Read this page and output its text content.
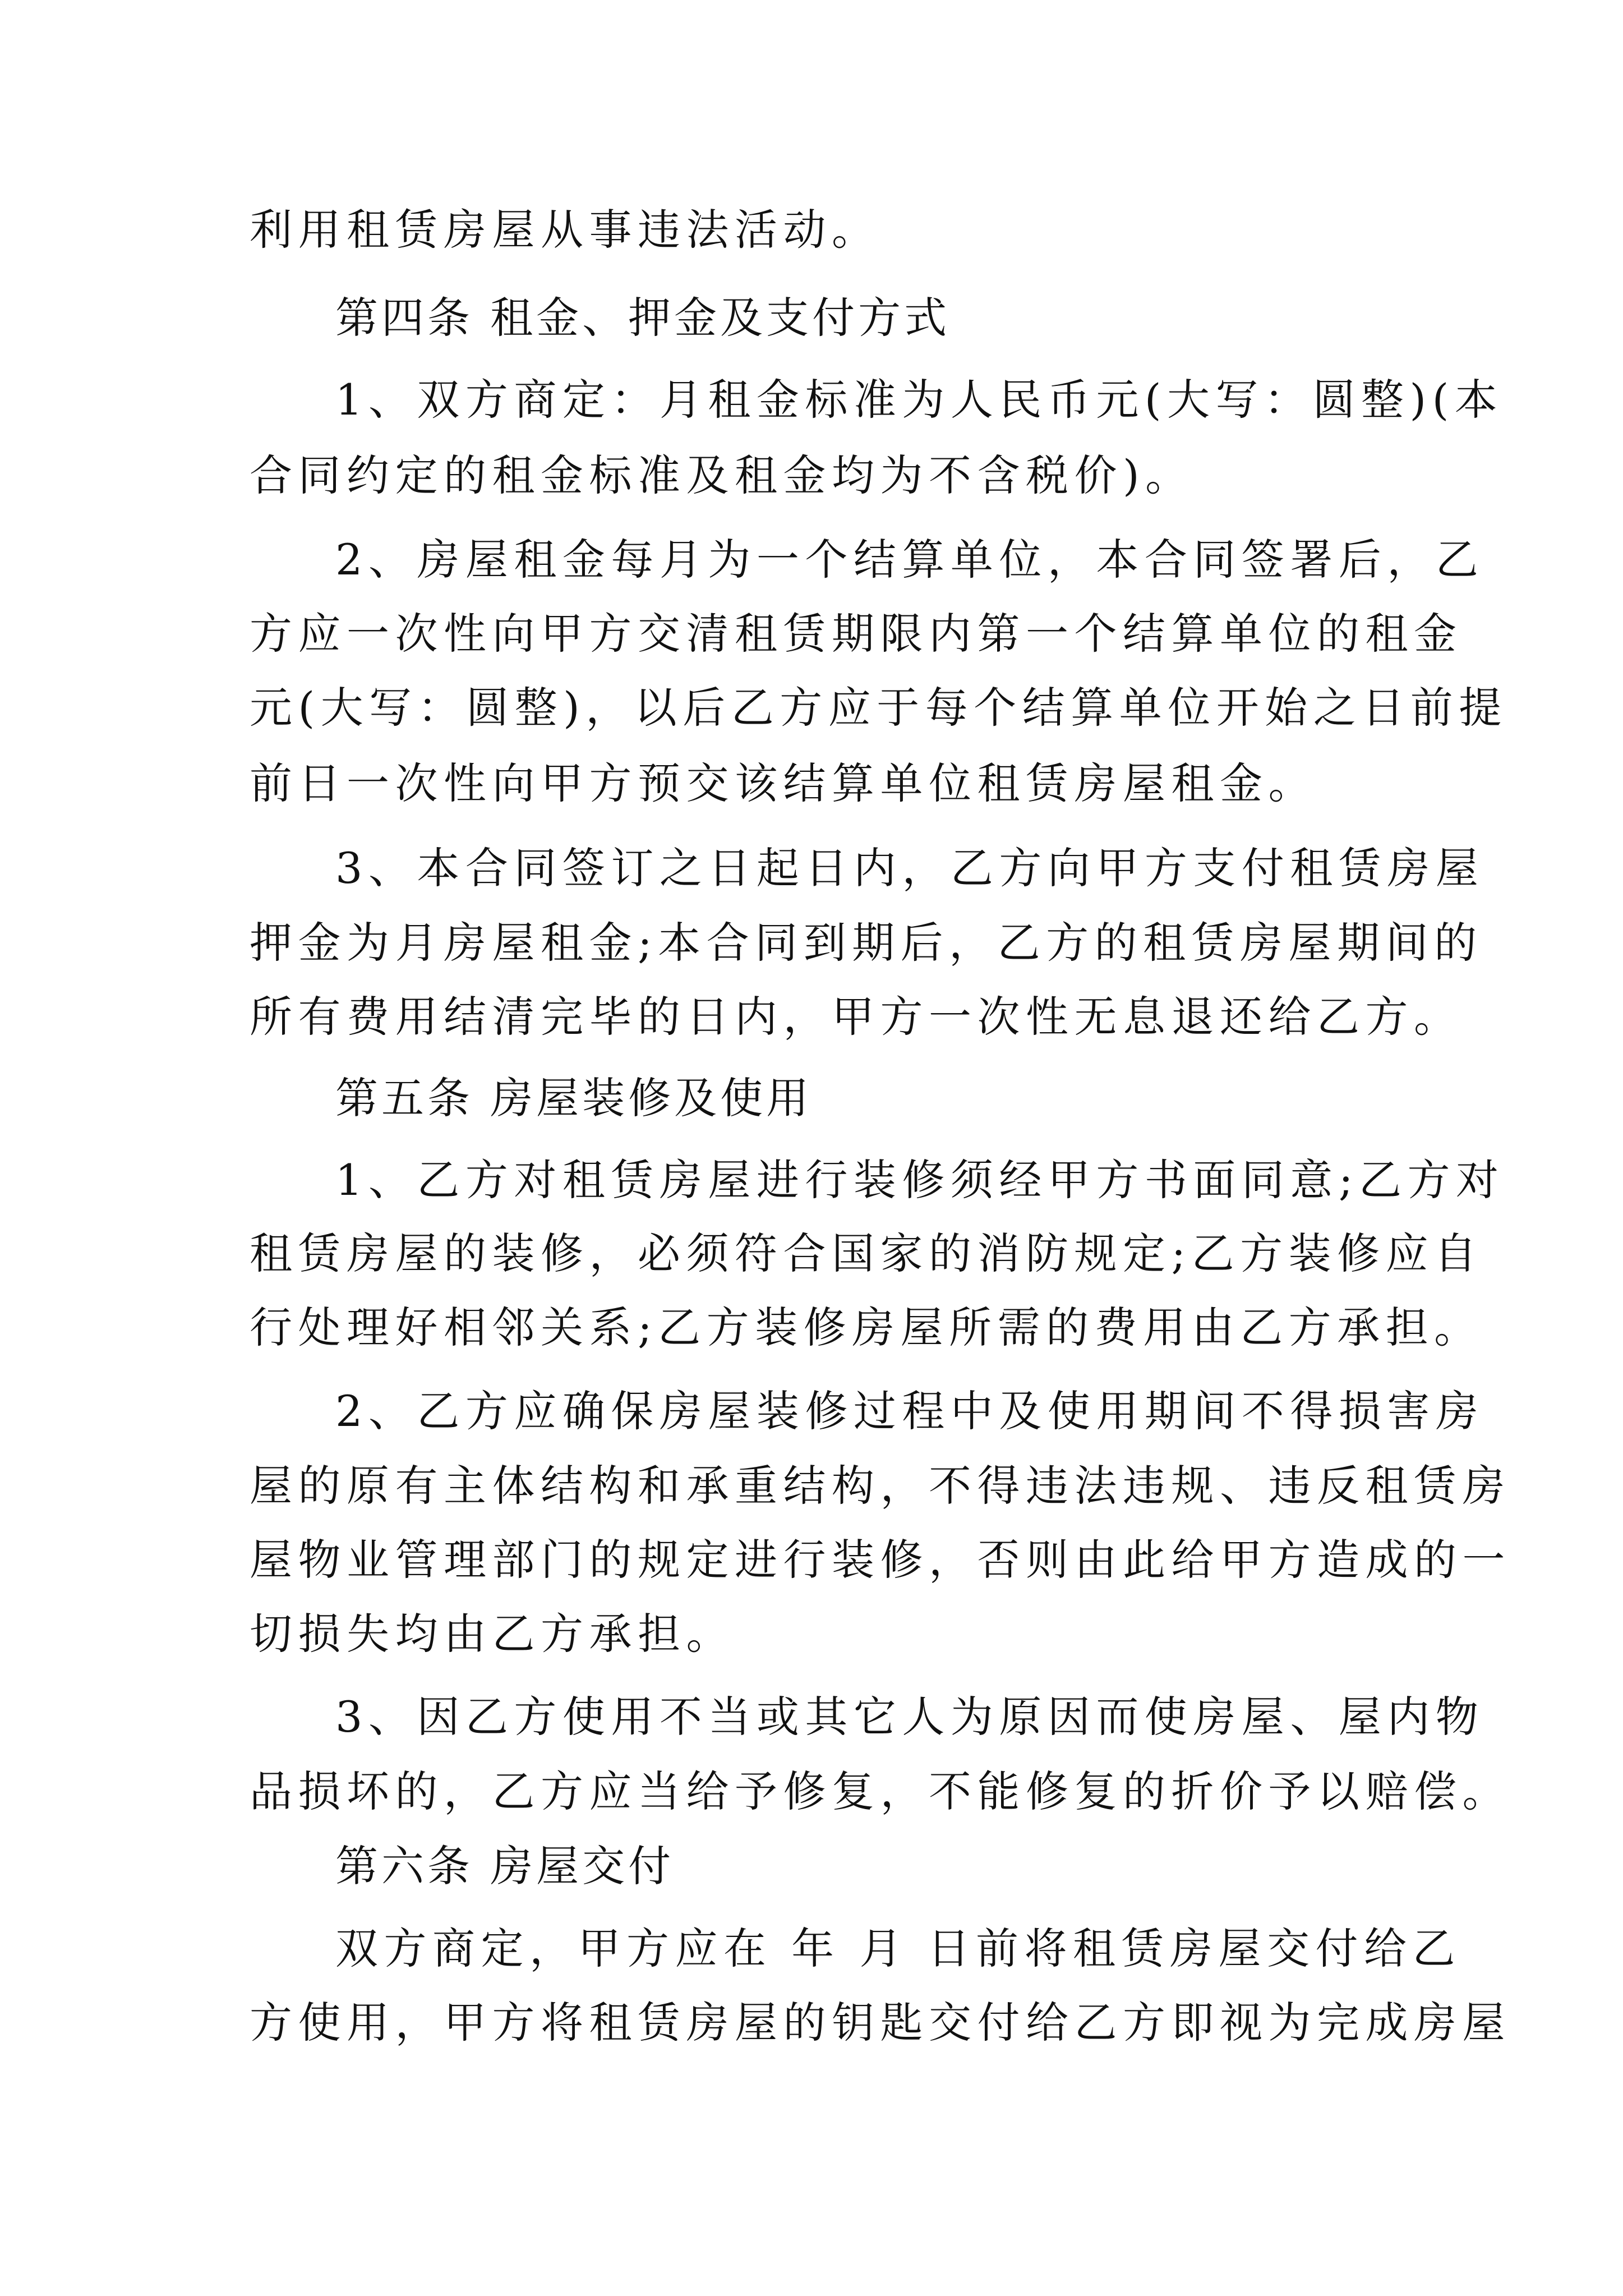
利用租赁房屋从事违法活动。

第四条 租金、押金及支付方式

1、双方商定：月租金标准为人民币元(大写：圆整)(本

合同约定的租金标准及租金均为不含税价)。

2、房屋租金每月为一个结算单位，本合同签署后，乙

方应一次性向甲方交清租赁期限内第一个结算单位的租金

元(大写：圆整)，以后乙方应于每个结算单位开始之日前提

前日一次性向甲方预交该结算单位租赁房屋租金。

3、本合同签订之日起日内，乙方向甲方支付租赁房屋

押金为月房屋租金;本合同到期后，乙方的租赁房屋期间的

所有费用结清完毕的日内，甲方一次性无息退还给乙方。

第五条 房屋装修及使用

1、乙方对租赁房屋进行装修须经甲方书面同意;乙方对

租赁房屋的装修，必须符合国家的消防规定;乙方装修应自

行处理好相邻关系;乙方装修房屋所需的费用由乙方承担。

2、乙方应确保房屋装修过程中及使用期间不得损害房

屋的原有主体结构和承重结构，不得违法违规、违反租赁房

屋物业管理部门的规定进行装修，否则由此给甲方造成的一

切损失均由乙方承担。

3、因乙方使用不当或其它人为原因而使房屋、屋内物

品损坏的，乙方应当给予修复，不能修复的折价予以赔偿。

第六条 房屋交付

双方商定，甲方应在 年 月 日前将租赁房屋交付给乙

方使用，甲方将租赁房屋的钥匙交付给乙方即视为完成房屋
